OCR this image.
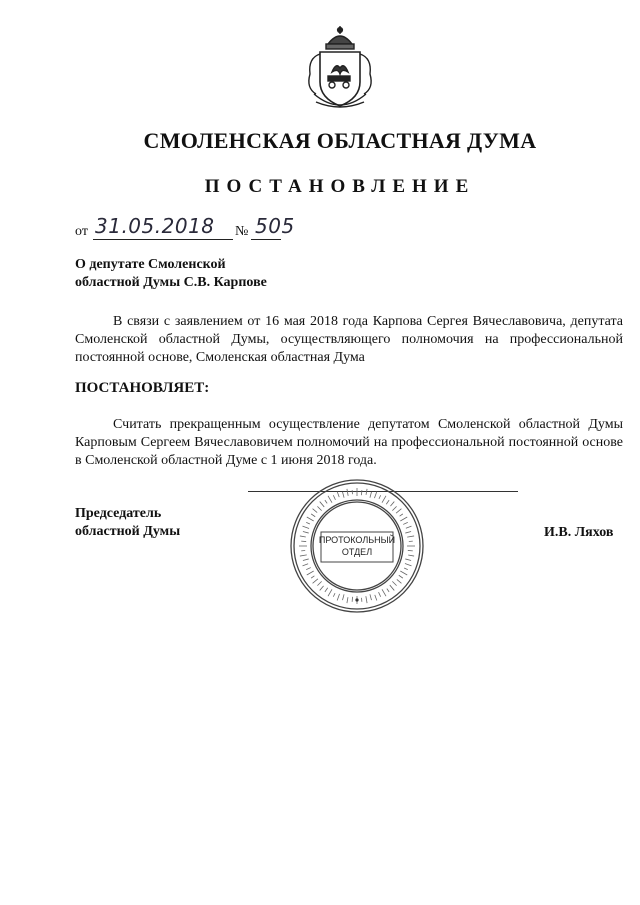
СМОЛЕНСКАЯ ОБЛАСТНАЯ ДУМА
ПОСТАНОВЛЕНИЕ
от 31.05.2018 № 505
О депутате Смоленской
областной Думы С.В. Карпове
В связи с заявлением от 16 мая 2018 года Карпова Сергея Вячеславовича, депутата Смоленской областной Думы, осуществляющего полномочия на профессиональной постоянной основе, Смоленская областная Дума
ПОСТАНОВЛЯЕТ:
Считать прекращенным осуществление депутатом Смоленской областной Думы Карповым Сергеем Вячеславовичем полномочий на профессиональной постоянной основе в Смоленской областной Думе с 1 июня 2018 года.
Председатель
областной Думы
ПРОТОКОЛЬНЫЙ
ОТДЕЛ
И.В. Ляхов
